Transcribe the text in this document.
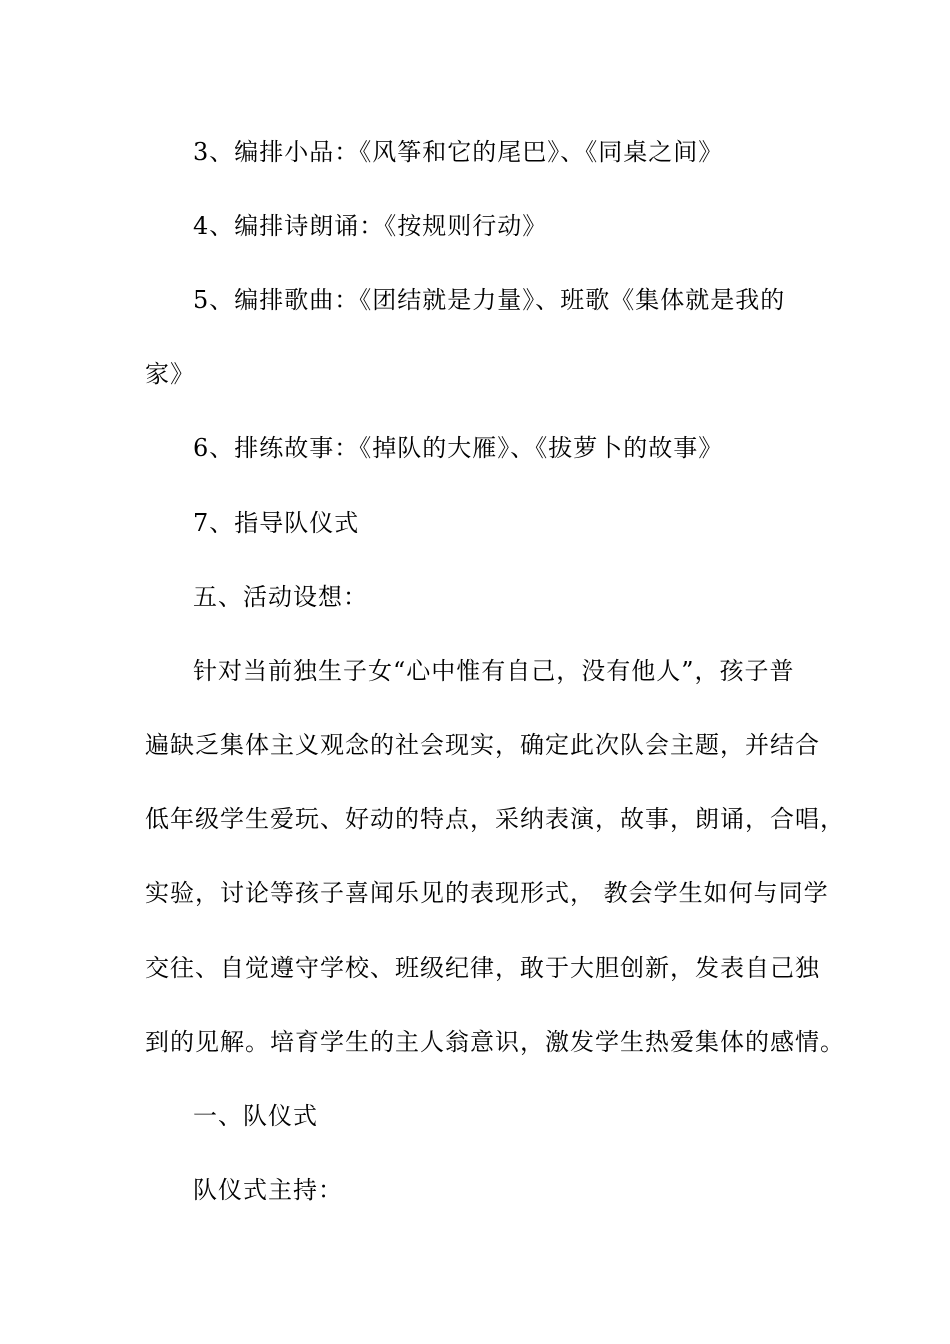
3、编排小品：《风筝和它的尾巴》、《同桌之间》
4、编排诗朗诵：《按规则行动》
5、编排歌曲：《团结就是力量》、班歌《集体就是我的
家》
6、排练故事：《掉队的大雁》、《拔萝卜的故事》
7、指导队仪式
五、活动设想：
针对当前独生子女“心中惟有自己，没有他人”，孩子普
遍缺乏集体主义观念的社会现实，确定此次队会主题，并结合
低年级学生爱玩、好动的特点，采纳表演，故事，朗诵，合唱，
实验，讨论等孩子喜闻乐见的表现形式， 教会学生如何与同学
交往、自觉遵守学校、班级纪律，敢于大胆创新，发表自己独
到的见解。培育学生的主人翁意识，激发学生热爱集体的感情。
一、队仪式
队仪式主持：
